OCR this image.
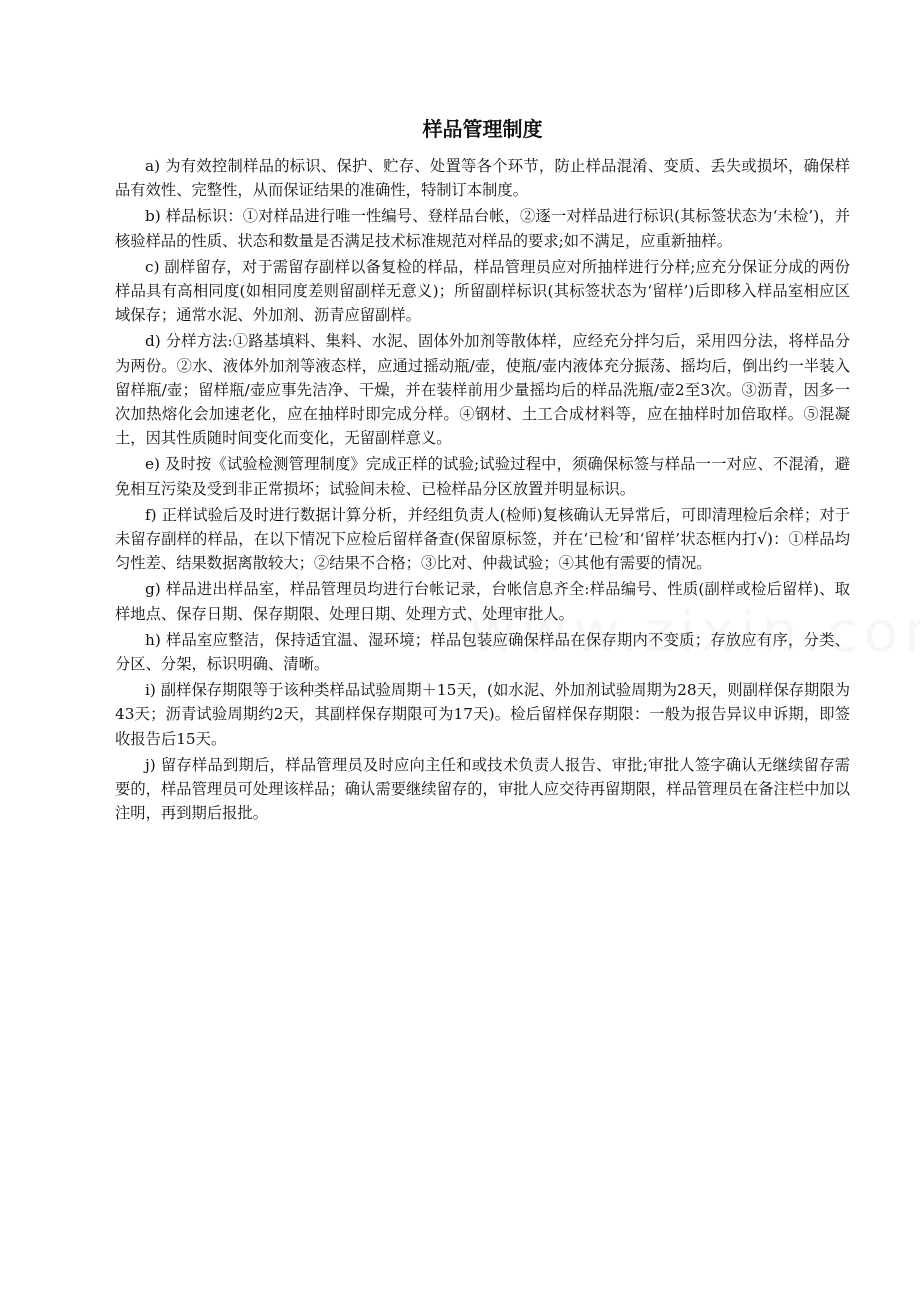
样品管理制度

a) 为有效控制样品的标识、保护、贮存、处置等各个环节，防止样品混淆、变质、丢失或损坏，确保样品有效性、完整性，从而保证结果的准确性，特制订本制度。

b) 样品标识：①对样品进行唯一性编号、登样品台帐，②逐一对样品进行标识(其标签状态为‘未检’)，并核验样品的性质、状态和数量是否满足技术标准规范对样品的要求;如不满足，应重新抽样。

c) 副样留存，对于需留存副样以备复检的样品，样品管理员应对所抽样进行分样;应充分保证分成的两份样品具有高相同度(如相同度差则留副样无意义)；所留副样标识(其标签状态为‘留样’)后即移入样品室相应区域保存；通常水泥、外加剂、沥青应留副样。

d) 分样方法:①路基填料、集料、水泥、固体外加剂等散体样，应经充分拌匀后，采用四分法，将样品分为两份。②水、液体外加剂等液态样，应通过摇动瓶/壶，使瓶/壶内液体充分振荡、摇均后，倒出约一半装入留样瓶/壶；留样瓶/壶应事先洁净、干燥，并在装样前用少量摇均后的样品洗瓶/壶2至3次。③沥青，因多一次加热熔化会加速老化，应在抽样时即完成分样。④钢材、土工合成材料等，应在抽样时加倍取样。⑤混凝土，因其性质随时间变化而变化，无留副样意义。

e) 及时按《试验检测管理制度》完成正样的试验;试验过程中，须确保标签与样品一一对应、不混淆，避免相互污染及受到非正常损坏；试验间未检、已检样品分区放置并明显标识。

f) 正样试验后及时进行数据计算分析，并经组负责人(检师)复核确认无异常后，可即清理检后余样；对于未留存副样的样品，在以下情况下应检后留样备查(保留原标签，并在‘已检’和‘留样’状态框内打√)：①样品均匀性差、结果数据离散较大；②结果不合格；③比对、仲裁试验；④其他有需要的情况。

g) 样品进出样品室，样品管理员均进行台帐记录，台帐信息齐全:样品编号、性质(副样或检后留样)、取样地点、保存日期、保存期限、处理日期、处理方式、处理审批人。

h) 样品室应整洁，保持适宜温、湿环境；样品包装应确保样品在保存期内不变质；存放应有序，分类、分区、分架，标识明确、清晰。

i) 副样保存期限等于该种类样品试验周期＋15天，(如水泥、外加剂试验周期为28天，则副样保存期限为43天；沥青试验周期约2天，其副样保存期限可为17天)。检后留样保存期限：一般为报告异议申诉期，即签收报告后15天。

j) 留存样品到期后，样品管理员及时应向主任和或技术负责人报告、审批;审批人签字确认无继续留存需要的，样品管理员可处理该样品；确认需要继续留存的，审批人应交待再留期限，样品管理员在备注栏中加以注明，再到期后报批。
